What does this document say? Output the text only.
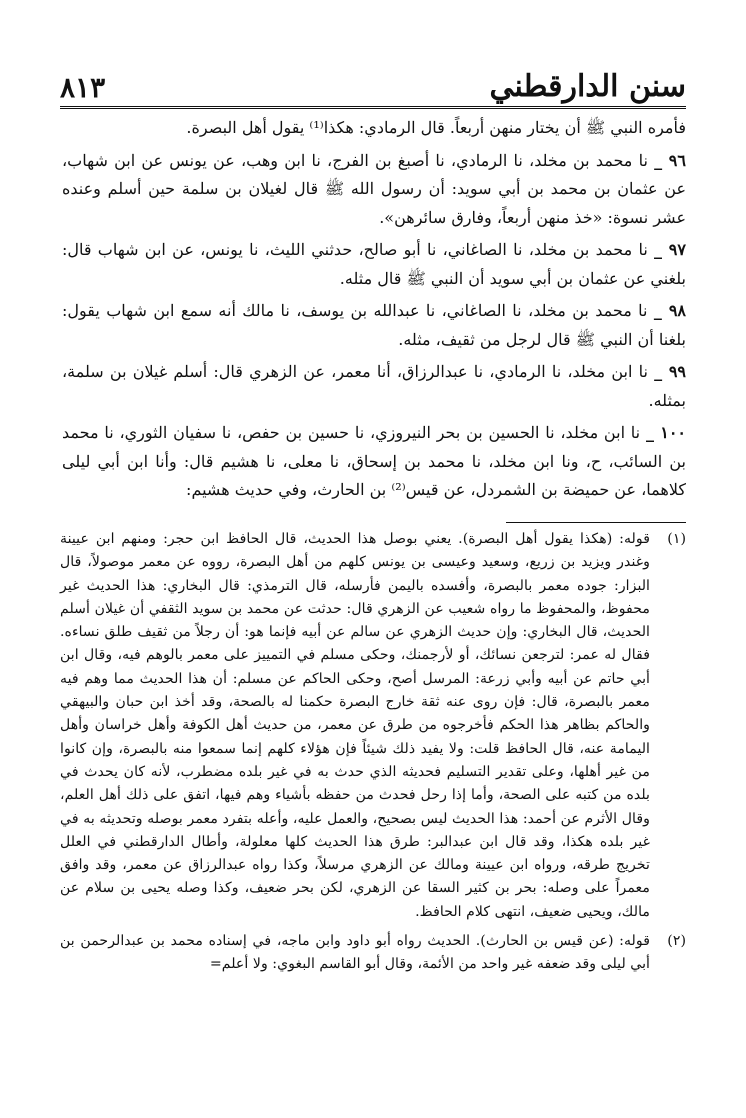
٨١٣	سنن الدارقطني

فأمره النبي ﷺ أن يختار منهن أربعاً. قال الرمادي: هكذا⁽¹⁾ يقول أهل البصرة.

٩٦ _ نا محمد بن مخلد، نا الرمادي، نا أصبغ بن الفرج، نا ابن وهب، عن يونس عن ابن شهاب، عن عثمان بن محمد بن أبي سويد: أن رسول الله ﷺ قال لغيلان بن سلمة حين أسلم وعنده عشر نسوة: «خذ منهن أربعاً، وفارق سائرهن».

٩٧ _ نا محمد بن مخلد، نا الصاغاني، نا أبو صالح، حدثني الليث، نا يونس، عن ابن شهاب قال: بلغني عن عثمان بن أبي سويد أن النبي ﷺ قال مثله.

٩٨ _ نا محمد بن مخلد، نا الصاغاني، نا عبدالله بن يوسف، نا مالك أنه سمع ابن شهاب يقول: بلغنا أن النبي ﷺ قال لرجل من ثقيف، مثله.

٩٩ _ نا ابن مخلد، نا الرمادي، نا عبدالرزاق، أنا معمر، عن الزهري قال: أسلم غيلان بن سلمة، بمثله.

١٠٠ _ نا ابن مخلد، نا الحسين بن بحر النيروزي، نا حسين بن حفص، نا سفيان الثوري، نا محمد بن السائب، ح، ونا ابن مخلد، نا محمد بن إسحاق، نا معلى، نا هشيم قال: وأنا ابن أبي ليلى كلاهما، عن حميضة بن الشمردل، عن قيس⁽²⁾ بن الحارث، وفي حديث هشيم:

(١)
قوله: (هكذا يقول أهل البصرة). يعني بوصل هذا الحديث، قال الحافظ ابن حجر: ومنهم ابن عيينة وغندر ويزيد بن زريع، وسعيد وعيسى بن يونس كلهم من أهل البصرة، رووه عن معمر موصولاً، قال البزار: جوده معمر بالبصرة، وأفسده باليمن فأرسله، قال الترمذي: قال البخاري: هذا الحديث غير محفوظ، والمحفوظ ما رواه شعيب عن الزهري قال: حدثت عن محمد بن سويد الثقفي أن غيلان أسلم الحديث، قال البخاري: وإن حديث الزهري عن سالم عن أبيه فإنما هو: أن رجلاً من ثقيف طلق نساءه. فقال له عمر: لترجعن نسائك، أو لأرجمنك، وحكى مسلم في التمييز على معمر بالوهم فيه، وقال ابن أبي حاتم عن أبيه وأبي زرعة: المرسل أصح، وحكى الحاكم عن مسلم: أن هذا الحديث مما وهم فيه معمر بالبصرة، قال: فإن روى عنه ثقة خارج البصرة حكمنا له بالصحة، وقد أخذ ابن حبان والبيهقي والحاكم بظاهر هذا الحكم فأخرجوه من طرق عن معمر، من حديث أهل الكوفة وأهل خراسان وأهل اليمامة عنه، قال الحافظ قلت: ولا يفيد ذلك شيئاً فإن هؤلاء كلهم إنما سمعوا منه بالبصرة، وإن كانوا من غير أهلها، وعلى تقدير التسليم فحديثه الذي حدث به في غير بلده مضطرب، لأنه كان يحدث في بلده من كتبه على الصحة، وأما إذا رحل فحدث من حفظه بأشياء وهم فيها، اتفق على ذلك أهل العلم، وقال الأثرم عن أحمد: هذا الحديث ليس بصحيح، والعمل عليه، وأعله بتفرد معمر بوصله وتحديثه به في غير بلده هكذا، وقد قال ابن عبدالبر: طرق هذا الحديث كلها معلولة، وأطال الدارقطني في العلل تخريج طرقه، ورواه ابن عيينة ومالك عن الزهري مرسلاً، وكذا رواه عبدالرزاق عن معمر، وقد وافق معمراً على وصله: بحر بن كثير السقا عن الزهري، لكن بحر ضعيف، وكذا وصله يحيى بن سلام عن مالك، ويحيى ضعيف، انتهى كلام الحافظ.
(٢)
قوله: (عن قيس بن الحارث). الحديث رواه أبو داود وابن ماجه، في إسناده محمد بن عبدالرحمن بن أبي ليلى وقد ضعفه غير واحد من الأئمة، وقال أبو القاسم البغوي: ولا أعلم=
